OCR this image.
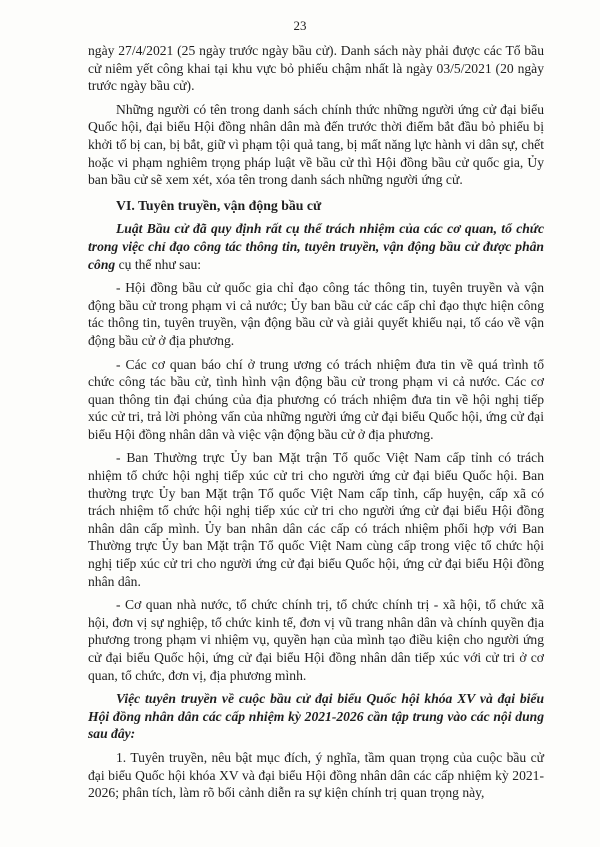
23

ngày 27/4/2021 (25 ngày trước ngày bầu cử). Danh sách này phải được các Tổ bầu cử niêm yết công khai tại khu vực bỏ phiếu chậm nhất là ngày 03/5/2021 (20 ngày trước ngày bầu cử).

Những người có tên trong danh sách chính thức những người ứng cử đại biểu Quốc hội, đại biểu Hội đồng nhân dân mà đến trước thời điểm bắt đầu bỏ phiếu bị khởi tố bị can, bị bắt, giữ vì phạm tội quả tang, bị mất năng lực hành vi dân sự, chết hoặc vi phạm nghiêm trọng pháp luật về bầu cử thì Hội đồng bầu cử quốc gia, Ủy ban bầu cử sẽ xem xét, xóa tên trong danh sách những người ứng cử.

VI. Tuyên truyền, vận động bầu cử

Luật Bầu cử đã quy định rất cụ thể trách nhiệm của các cơ quan, tổ chức trong việc chỉ đạo công tác thông tin, tuyên truyền, vận động bầu cử được phân công cụ thể như sau:

- Hội đồng bầu cử quốc gia chỉ đạo công tác thông tin, tuyên truyền và vận động bầu cử trong phạm vi cả nước; Ủy ban bầu cử các cấp chỉ đạo thực hiện công tác thông tin, tuyên truyền, vận động bầu cử và giải quyết khiếu nại, tố cáo về vận động bầu cử ở địa phương.

- Các cơ quan báo chí ở trung ương có trách nhiệm đưa tin về quá trình tổ chức công tác bầu cử, tình hình vận động bầu cử trong phạm vi cả nước. Các cơ quan thông tin đại chúng của địa phương có trách nhiệm đưa tin về hội nghị tiếp xúc cử tri, trả lời phỏng vấn của những người ứng cử đại biểu Quốc hội, ứng cử đại biểu Hội đồng nhân dân và việc vận động bầu cử ở địa phương.

- Ban Thường trực Ủy ban Mặt trận Tổ quốc Việt Nam cấp tỉnh có trách nhiệm tổ chức hội nghị tiếp xúc cử tri cho người ứng cử đại biểu Quốc hội. Ban thường trực Ủy ban Mặt trận Tổ quốc Việt Nam cấp tỉnh, cấp huyện, cấp xã có trách nhiệm tổ chức hội nghị tiếp xúc cử tri cho người ứng cử đại biểu Hội đồng nhân dân cấp mình. Ủy ban nhân dân các cấp có trách nhiệm phối hợp với Ban Thường trực Ủy ban Mặt trận Tổ quốc Việt Nam cùng cấp trong việc tổ chức hội nghị tiếp xúc cử tri cho người ứng cử đại biểu Quốc hội, ứng cử đại biểu Hội đồng nhân dân.

- Cơ quan nhà nước, tổ chức chính trị, tổ chức chính trị - xã hội, tổ chức xã hội, đơn vị sự nghiệp, tổ chức kinh tế, đơn vị vũ trang nhân dân và chính quyền địa phương trong phạm vi nhiệm vụ, quyền hạn của mình tạo điều kiện cho người ứng cử đại biểu Quốc hội, ứng cử đại biểu Hội đồng nhân dân tiếp xúc với cử tri ở cơ quan, tổ chức, đơn vị, địa phương mình.

Việc tuyên truyền về cuộc bầu cử đại biểu Quốc hội khóa XV và đại biểu Hội đồng nhân dân các cấp nhiệm kỳ 2021-2026 cần tập trung vào các nội dung sau đây:

1. Tuyên truyền, nêu bật mục đích, ý nghĩa, tầm quan trọng của cuộc bầu cử đại biểu Quốc hội khóa XV và đại biểu Hội đồng nhân dân các cấp nhiệm kỳ 2021-2026; phân tích, làm rõ bối cảnh diễn ra sự kiện chính trị quan trọng này,
